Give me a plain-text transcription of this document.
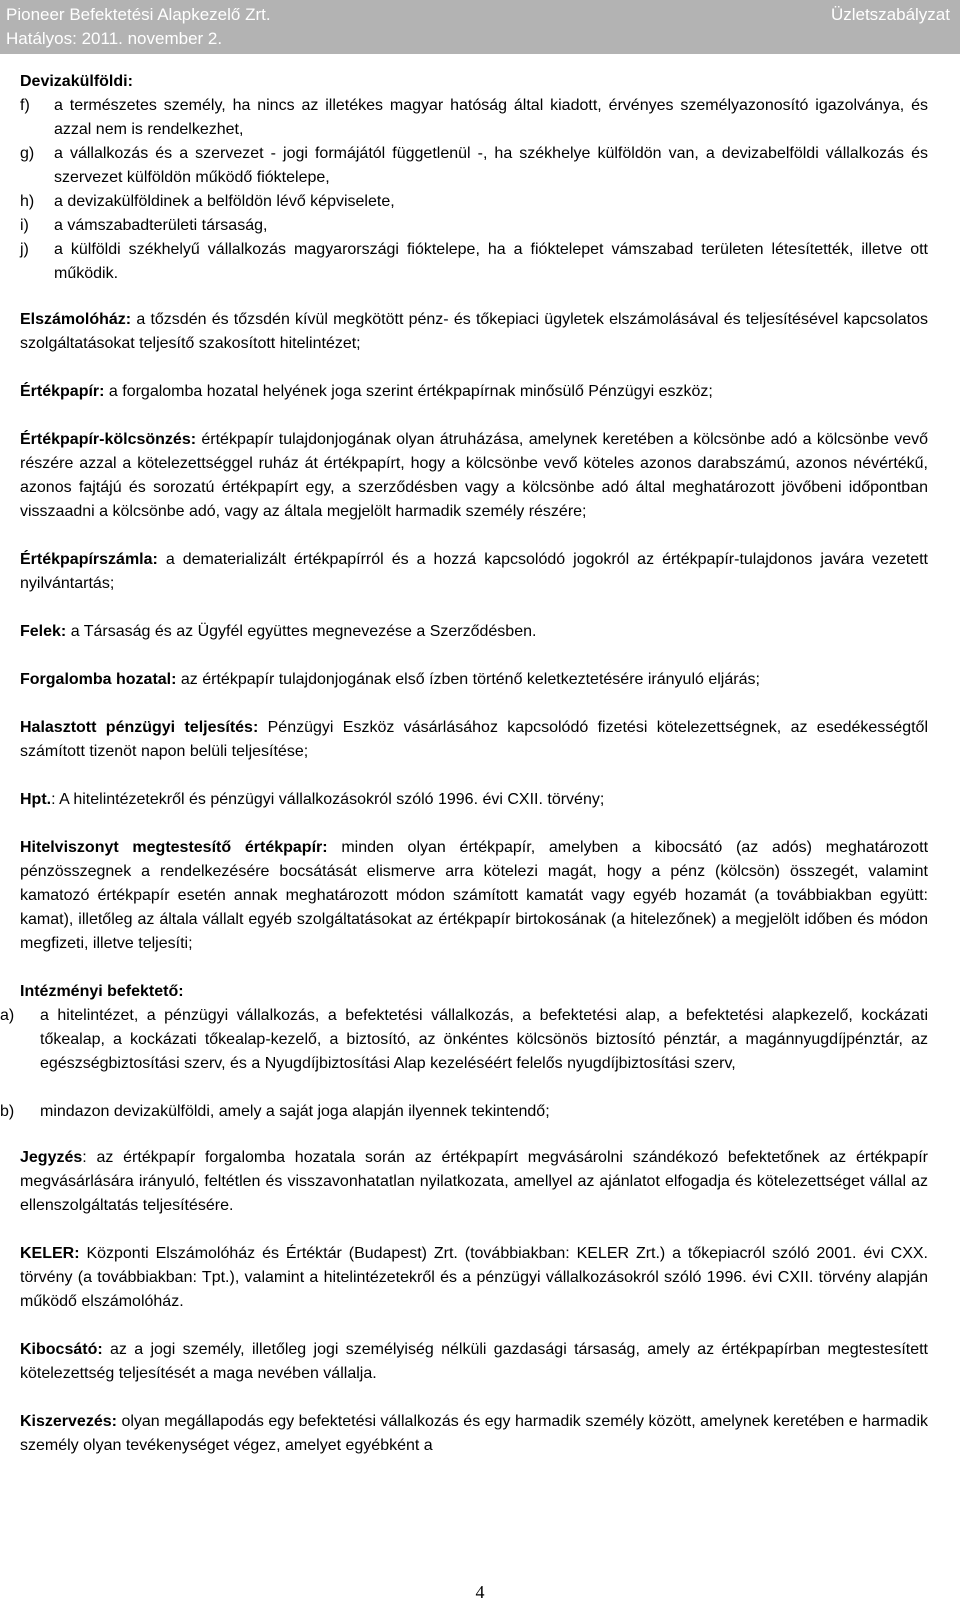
Pioneer Befektetési Alapkezelő Zrt.
Hatályos: 2011. november 2.
Üzletszabályzat
Devizakülföldi:
f) a természetes személy, ha nincs az illetékes magyar hatóság által kiadott, érvényes személyazonosító igazolványa, és azzal nem is rendelkezhet,
g) a vállalkozás és a szervezet - jogi formájától függetlenül -, ha székhelye külföldön van, a devizabelföldi vállalkozás és szervezet külföldön működő fióktelepe,
h) a devizakülföldinek a belföldön lévő képviselete,
i) a vámszabadterületi társaság,
j) a külföldi székhelyű vállalkozás magyarországi fióktelepe, ha a fióktelepet vámszabad területen létesítették, illetve ott működik.

Elszámolóház: a tőzsdén és tőzsdén kívül megkötött pénz- és tőkepiaci ügyletek elszámolásával és teljesítésével kapcsolatos szolgáltatásokat teljesítő szakosított hitelintézet;

Értékpapír: a forgalomba hozatal helyének joga szerint értékpapírnak minősülő Pénzügyi eszköz;

Értékpapír-kölcsönzés: értékpapír tulajdonjogának olyan átruházása, amelynek keretében a kölcsönbe adó a kölcsönbe vevő részére azzal a kötelezettséggel ruház át értékpapírt, hogy a kölcsönbe vevő köteles azonos darabszámú, azonos névértékű, azonos fajtájú és sorozatú értékpapírt egy, a szerződésben vagy a kölcsönbe adó által meghatározott jövőbeni időpontban visszaadni a kölcsönbe adó, vagy az általa megjelölt harmadik személy részére;

Értékpapírszámla: a dematerializált értékpapírról és a hozzá kapcsolódó jogokról az értékpapír-tulajdonos javára vezetett nyilvántartás;

Felek: a Társaság és az Ügyfél együttes megnevezése a Szerződésben.

Forgalomba hozatal: az értékpapír tulajdonjogának első ízben történő keletkeztetésére irányuló eljárás;

Halasztott pénzügyi teljesítés: Pénzügyi Eszköz vásárlásához kapcsolódó fizetési kötelezettségnek, az esedékességtől számított tizenöt napon belüli teljesítése;

Hpt.: A hitelintézetekről és pénzügyi vállalkozásokról szóló 1996. évi CXII. törvény;

Hitelviszonyt megtestesítő értékpapír: minden olyan értékpapír, amelyben a kibocsátó (az adós) meghatározott pénzösszegnek a rendelkezésére bocsátását elismerve arra kötelezi magát, hogy a pénz (kölcsön) összegét, valamint kamatozó értékpapír esetén annak meghatározott módon számított kamatát vagy egyéb hozamát (a továbbiakban együtt: kamat), illetőleg az általa vállalt egyéb szolgáltatásokat az értékpapír birtokosának (a hitelezőnek) a megjelölt időben és módon megfizeti, illetve teljesíti;

Intézményi befektető:
a) a hitelintézet, a pénzügyi vállalkozás, a befektetési vállalkozás, a befektetési alap, a befektetési alapkezelő, kockázati tőkealap, a kockázati tőkealap-kezelő, a biztosító, az önkéntes kölcsönös biztosító pénztár, a magánnyugdíjpénztár, az egészségbiztosítási szerv, és a Nyugdíjbiztosítási Alap kezeléséért felelős nyugdíjbiztosítási szerv,
b) mindazon devizakülföldi, amely a saját joga alapján ilyennek tekintendő;

Jegyzés: az értékpapír forgalomba hozatala során az értékpapírt megvásárolni szándékozó befektetőnek az értékpapír megvásárlására irányuló, feltétlen és visszavonhatatlan nyilatkozata, amellyel az ajánlatot elfogadja és kötelezettséget vállal az ellenszolgáltatás teljesítésére.

KELER: Központi Elszámolóház és Értéktár (Budapest) Zrt. (továbbiakban: KELER Zrt.) a tőkepiacról szóló 2001. évi CXX. törvény (a továbbiakban: Tpt.), valamint a hitelintézetekről és a pénzügyi vállalkozásokról szóló 1996. évi CXII. törvény alapján működő elszámolóház.

Kibocsátó: az a jogi személy, illetőleg jogi személyiség nélküli gazdasági társaság, amely az értékpapírban megtestesített kötelezettség teljesítését a maga nevében vállalja.

Kiszervezés: olyan megállapodás egy befektetési vállalkozás és egy harmadik személy között, amelynek keretében e harmadik személy olyan tevékenységet végez, amelyet egyébként a

4
